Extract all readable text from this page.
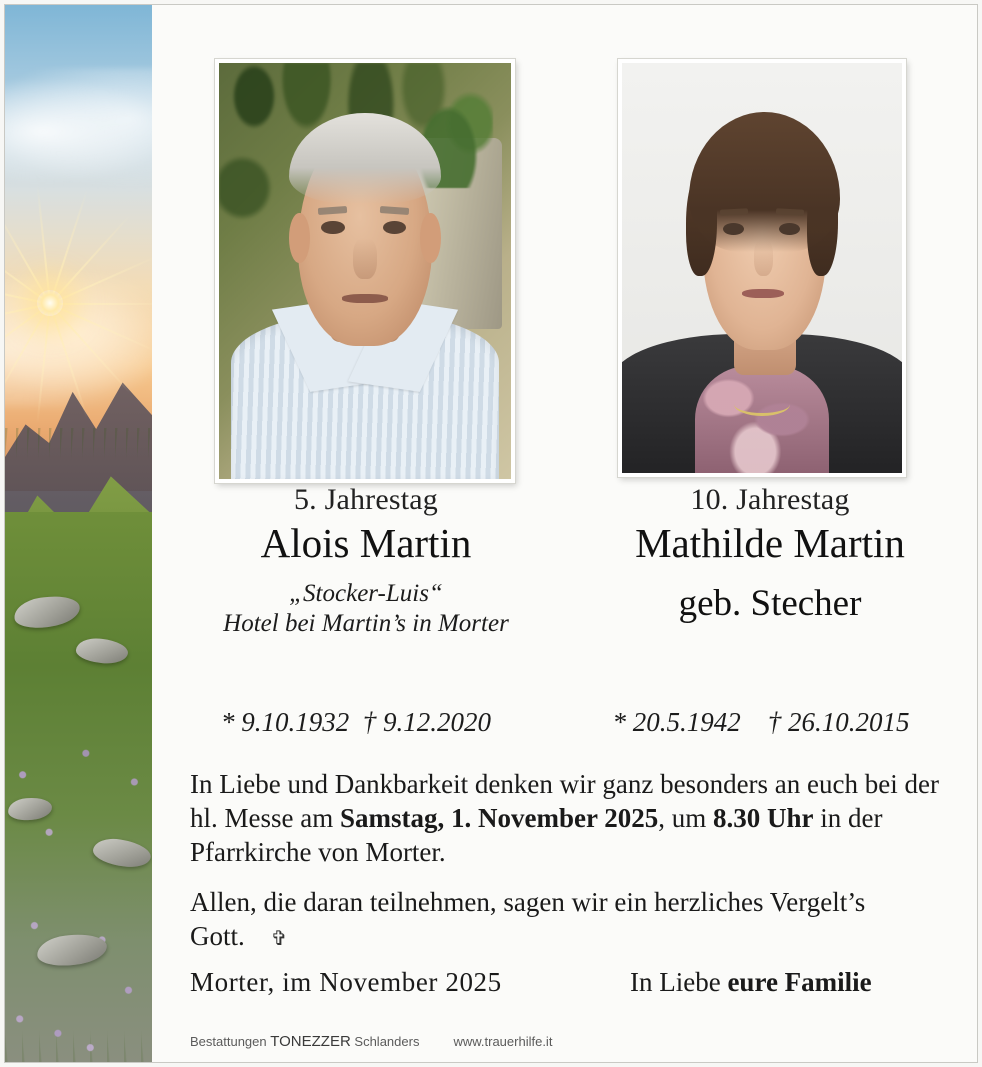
5. Jahrestag
Alois Martin
„Stocker-Luis“
Hotel bei Martin’s in Morter
10. Jahrestag
Mathilde Martin
geb. Stecher
* 9.10.1932  † 9.12.2020	* 20.5.1942    † 26.10.2015

In Liebe und Dankbarkeit denken wir ganz besonders an euch bei der hl. Messe am Samstag, 1. November 2025, um 8.30 Uhr in der Pfarrkirche von Morter.

Allen, die daran teilnehmen, sagen wir ein herzliches Vergelt’s Gott. ✞

Morter, im November 2025	In Liebe eure Familie
Bestattungen TONEZZER Schlanders	www.trauerhilfe.it
